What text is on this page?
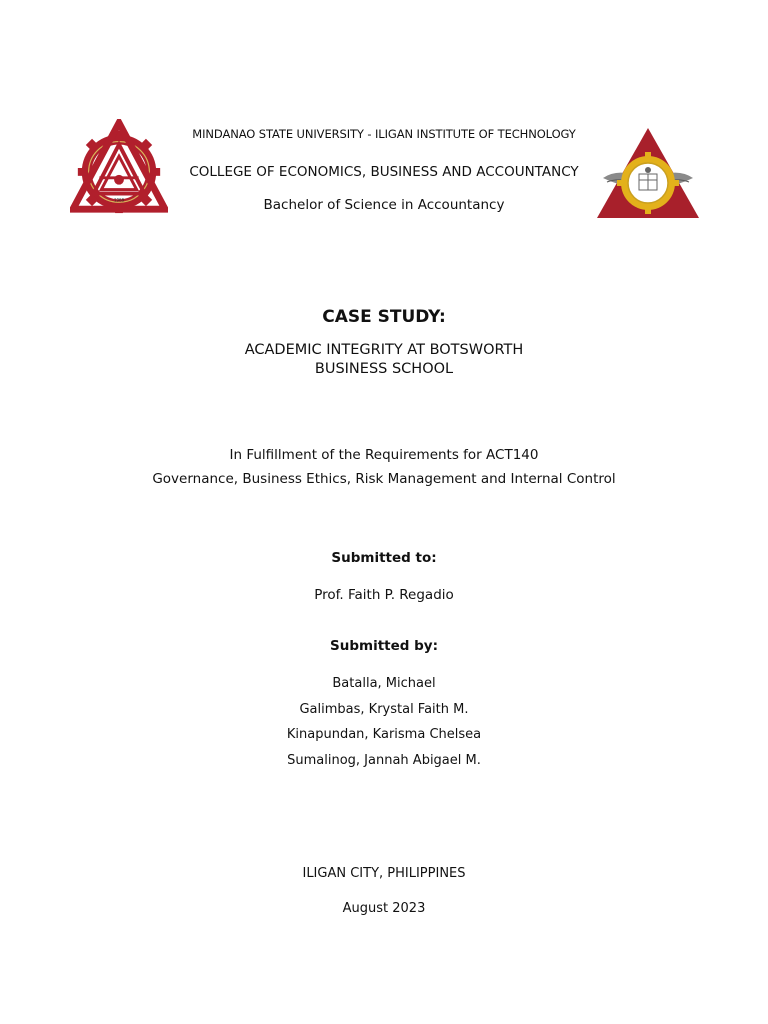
1968
MINDANAO STATE UNIVERSITY - ILIGAN INSTITUTE OF TECHNOLOGY
COLLEGE OF ECONOMICS, BUSINESS AND ACCOUNTANCY
Bachelor of Science in Accountancy
CASE STUDY:
ACADEMIC INTEGRITY AT BOTSWORTH
BUSINESS SCHOOL
In Fulfillment of the Requirements for ACT140
Governance, Business Ethics, Risk Management and Internal Control
Submitted to:
Prof. Faith P. Regadio
Submitted by:
Batalla, Michael
Galimbas, Krystal Faith M.
Kinapundan, Karisma Chelsea
Sumalinog, Jannah Abigael M.
ILIGAN CITY, PHILIPPINES
August 2023
